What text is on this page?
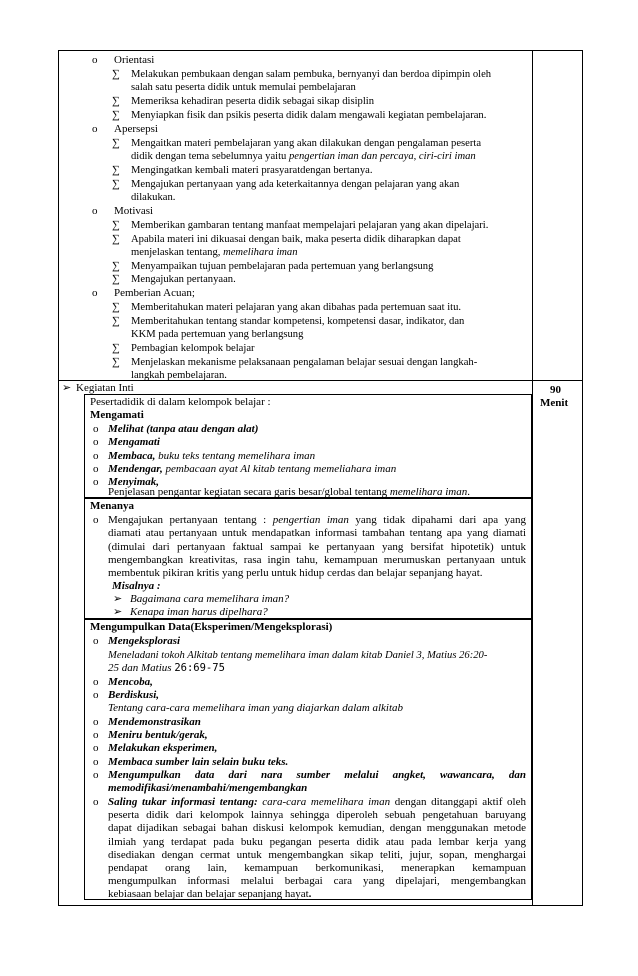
o Orientasi
∑ Melakukan pembukaan dengan salam pembuka, bernyanyi dan berdoa dipimpin oleh
salah satu peserta didik untuk memulai pembelajaran
∑ Memeriksa kehadiran peserta didik sebagai sikap disiplin
∑ Menyiapkan fisik dan psikis peserta didik dalam mengawali kegiatan pembelajaran.
o Apersepsi
∑ Mengaitkan materi pembelajaran yang akan dilakukan dengan pengalaman peserta
didik dengan tema sebelumnya yaitu pengertian iman dan percaya, ciri-ciri iman
∑ Mengingatkan kembali materi prasyaratdengan bertanya.
∑ Mengajukan pertanyaan yang ada keterkaitannya dengan pelajaran yang akan
dilakukan.
o Motivasi
∑ Memberikan gambaran tentang manfaat mempelajari pelajaran yang akan dipelajari.
∑ Apabila materi ini dikuasai dengan baik, maka peserta didik diharapkan dapat
menjelaskan tentang, memelihara iman
∑ Menyampaikan tujuan pembelajaran pada pertemuan yang berlangsung
∑ Mengajukan pertanyaan.
o Pemberian Acuan;
∑ Memberitahukan materi pelajaran yang akan dibahas pada pertemuan saat itu.
∑ Memberitahukan tentang standar kompetensi, kompetensi dasar, indikator, dan
KKM pada pertemuan yang berlangsung
∑ Pembagian kelompok belajar
∑ Menjelaskan mekanisme pelaksanaan pengalaman belajar sesuai dengan langkah-
langkah pembelajaran.
➢ Kegiatan Inti	90
Menit
Pesertadidik di dalam kelompok belajar :
Mengamati
o Melihat (tanpa atau dengan alat)
o Mengamati
o Membaca, buku teks tentang memelihara iman
o Mendengar, pembacaan ayat Al kitab tentang memeliahara iman
o Menyimak,
Penjelasan pengantar kegiatan secara garis besar/global tentang memelihara iman.
Menanya
o Mengajukan pertanyaan tentang : pengertian iman yang tidak dipahami dari apa yang
diamati atau pertanyaan untuk mendapatkan informasi tambahan tentang apa yang diamati
(dimulai dari pertanyaan faktual sampai ke pertanyaan yang bersifat hipotetik) untuk
mengembangkan kreativitas, rasa ingin tahu, kemampuan merumuskan pertanyaan untuk
membentuk pikiran kritis yang perlu untuk hidup cerdas dan belajar sepanjang hayat.
Misalnya :
➢ Bagaimana cara memelihara iman?
➢ Kenapa iman harus dipelhara?
Mengumpulkan Data(Eksperimen/Mengeksplorasi)
o Mengeksplorasi
Meneladani tokoh Alkitab tentang memelihara iman dalam kitab Daniel 3, Matius 26:20-
25 dan Matius 26:69-75
o Mencoba,
o Berdiskusi,
Tentang cara-cara memelihara iman yang diajarkan dalam alkitab
o Mendemonstrasikan
o Meniru bentuk/gerak,
o Melakukan eksperimen,
o Membaca sumber lain selain buku teks.
o Mengumpulkan data dari nara sumber melalui angket, wawancara, dan
memodifikasi/menambahi/mengembangkan
o Saling tukar informasi tentang: cara-cara memelihara iman dengan ditanggapi aktif oleh
peserta didik dari kelompok lainnya sehingga diperoleh sebuah pengetahuan baruyang
dapat dijadikan sebagai bahan diskusi kelompok kemudian, dengan menggunakan metode
ilmiah yang terdapat pada buku pegangan peserta didik atau pada lembar kerja yang
disediakan dengan cermat untuk mengembangkan sikap teliti, jujur, sopan, menghargai
pendapat orang lain, kemampuan berkomunikasi, menerapkan kemampuan
mengumpulkan informasi melalui berbagai cara yang dipelajari, mengembangkan
kebiasaan belajar dan belajar sepanjang hayat.
